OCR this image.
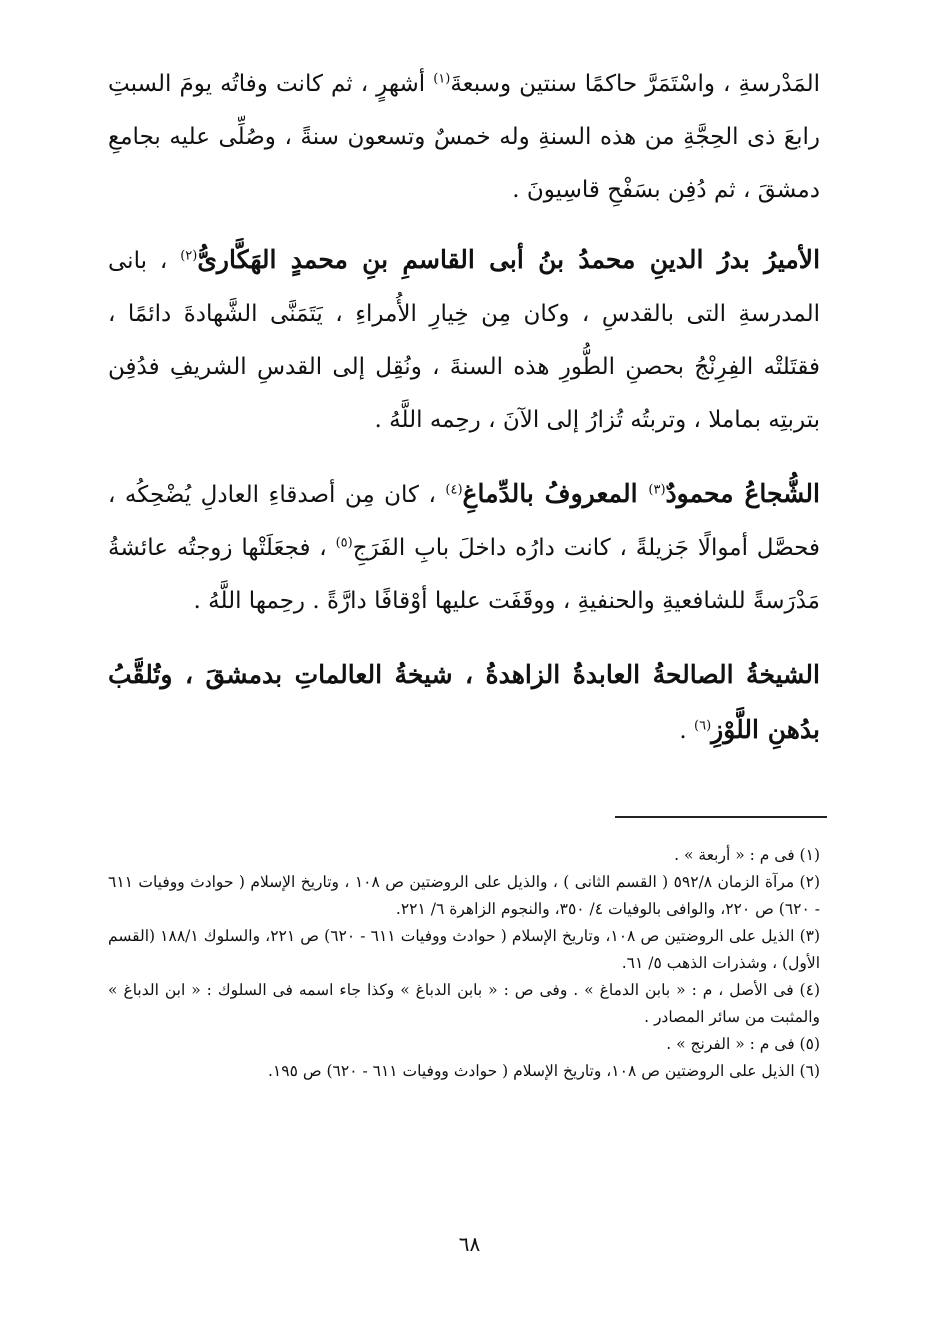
المَدْرسةِ ، واسْتَمَرَّ حاكمًا سنتين وسبعةَ$^{(١)}$ أشهرٍ ، ثم كانت وفاتُه يومَ السبتِ رابعَ ذى الحِجَّةِ من هذه السنةِ وله خمسٌ وتسعون سنةً ، وصُلِّى عليه بجامعِ دمشقَ ، ثم دُفِن بسَفْحِ قاسِيونَ .

الأميرُ بدرُ الدينِ محمدُ بنُ أبى القاسمِ بنِ محمدٍ الهَكَّارىُّ$^{(٢)}$ ، بانى المدرسةِ التى بالقدسِ ، وكان مِن خِيارِ الأُمراءِ ، يَتَمَنَّى الشَّهادةَ دائمًا ، فقتَلتْه الفِرِنْجُ بحصنِ الطُّورِ هذه السنةَ ، ونُقِل إلى القدسِ الشريفِ فدُفِن بتربتِه بماملا ، وتربتُه تُزارُ إلى الآنَ ، رحِمه اللَّهُ .

الشُّجاعُ محمودٌ$^{(٣)}$ المعروفُ بالدِّماغِ$^{(٤)}$ ، كان مِن أصدقاءِ العادلِ يُضْحِكُه ، فحصَّل أموالًا جَزيلةً ، كانت دارُه داخلَ بابِ الفَرَجِ$^{(٥)}$ ، فجعَلَتْها زوجتُه عائشةُ مَدْرَسةً للشافعيةِ والحنفيةِ ، ووقَفَت عليها أوْقافًا دارَّةً . رحِمها اللَّهُ .

الشيخةُ الصالحةُ العابدةُ الزاهدةُ ، شيخةُ العالماتِ بدمشقَ ، وتُلقَّبُ بدُهنِ اللَّوْزِ$^{(٦)}$ .

(١) فى م : « أربعة » .

(٢) مرآة الزمان ٥٩٢/٨ ( القسم الثانى ) ، والذيل على الروضتين ص ١٠٨ ، وتاريخ الإسلام ( حوادث ووفيات ٦١١ - ٦٢٠) ص ٢٢٠، والوافى بالوفيات ٤/ ٣٥٠، والنجوم الزاهرة ٦/ ٢٢١.

(٣) الذيل على الروضتين ص ١٠٨، وتاريخ الإسلام ( حوادث ووفيات ٦١١ - ٦٢٠) ص ٢٢١، والسلوك ١٨٨/١ (القسم الأول) ، وشذرات الذهب ٥/ ٦١.

(٤) فى الأصل ، م : « بابن الدماغ » . وفى ص : « بابن الدباغ » وكذا جاء اسمه فى السلوك : « ابن الدباغ » والمثبت من سائر المصادر .

(٥) فى م : « الفرنج » .

(٦) الذيل على الروضتين ص ١٠٨، وتاريخ الإسلام ( حوادث ووفيات ٦١١ - ٦٢٠) ص ١٩٥.

٦٨
